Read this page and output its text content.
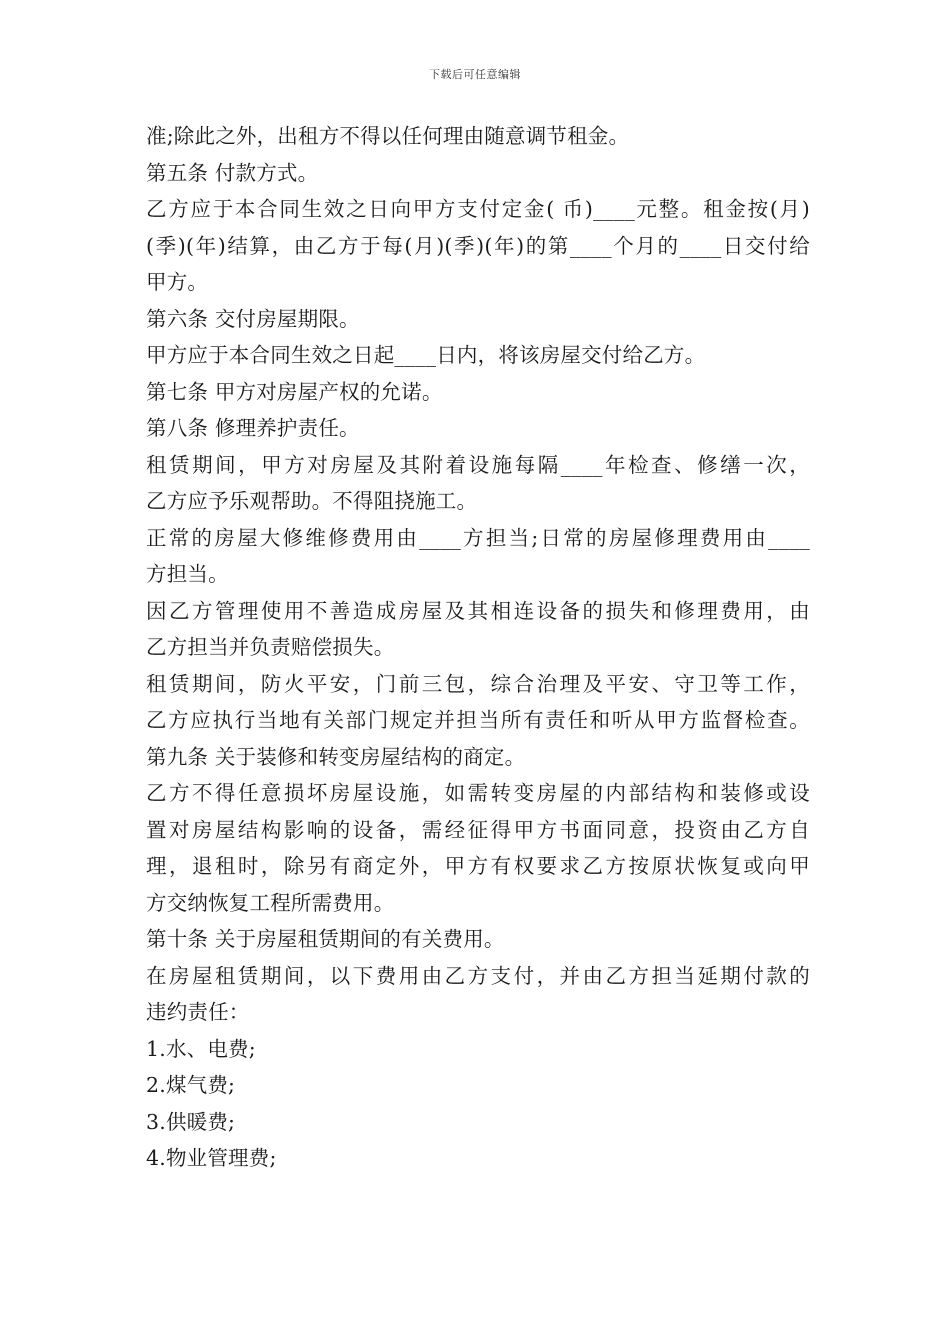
下载后可任意编辑
准;除此之外，出租方不得以任何理由随意调节租金。
第五条 付款方式。
乙方应于本合同生效之日向甲方支付定金( 币)____元整。租金按(月)
(季)(年)结算，由乙方于每(月)(季)(年)的第____个月的____日交付给
甲方。
第六条 交付房屋期限。
甲方应于本合同生效之日起____日内，将该房屋交付给乙方。
第七条 甲方对房屋产权的允诺。
第八条 修理养护责任。
租赁期间，甲方对房屋及其附着设施每隔____年检查、修缮一次，
乙方应予乐观帮助。不得阻挠施工。
正常的房屋大修维修费用由____方担当;日常的房屋修理费用由____
方担当。
因乙方管理使用不善造成房屋及其相连设备的损失和修理费用，由
乙方担当并负责赔偿损失。
租赁期间，防火平安，门前三包，综合治理及平安、守卫等工作，
乙方应执行当地有关部门规定并担当所有责任和听从甲方监督检查。
第九条 关于装修和转变房屋结构的商定。
乙方不得任意损坏房屋设施，如需转变房屋的内部结构和装修或设
置对房屋结构影响的设备，需经征得甲方书面同意，投资由乙方自
理，退租时，除另有商定外，甲方有权要求乙方按原状恢复或向甲
方交纳恢复工程所需费用。
第十条 关于房屋租赁期间的有关费用。
在房屋租赁期间，以下费用由乙方支付，并由乙方担当延期付款的
违约责任：
1.水、电费;
2.煤气费;
3.供暖费;
4.物业管理费;
